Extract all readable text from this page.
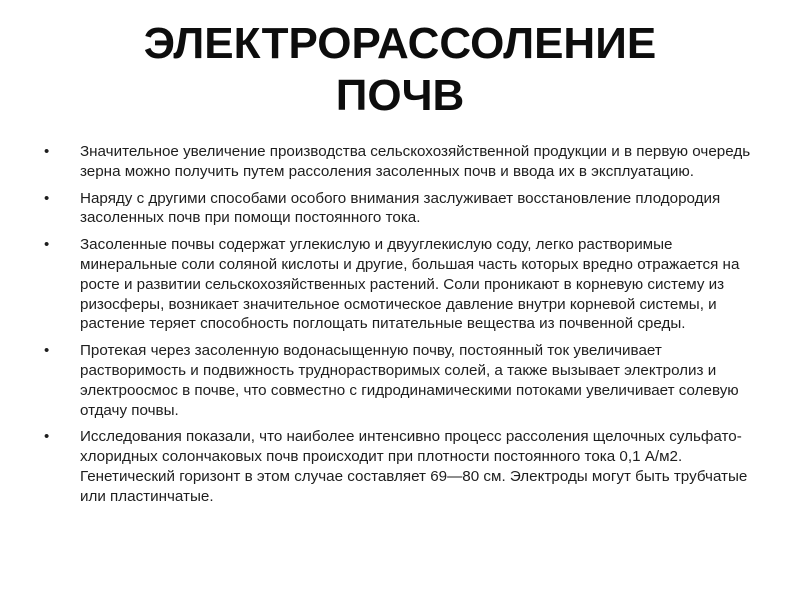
ЭЛЕКТРОРАССОЛЕНИЕ
ПОЧВ
•	Значительное увеличение производства сельскохозяйственной продукции и в первую очередь зерна можно получить путем рассоления засоленных почв и ввода их в эксплуатацию.
•	Наряду с другими способами особого внимания заслуживает восстановление плодородия засоленных почв при помощи постоянного тока.
•	Засоленные почвы содержат углекислую и двууглекислую соду, легко растворимые минеральные соли соляной кислоты и другие, большая часть которых вредно отражается на росте и развитии сельскохозяйственных растений. Соли проникают в корневую систему из ризосферы, возникает значительное осмотическое давление внутри корневой системы, и растение теряет способность поглощать питательные вещества из почвенной среды.
•	Протекая через засоленную водонасыщенную почву, постоянный ток увеличивает растворимость и подвижность труднорастворимых солей, а также вызывает электролиз и электроосмос в почве, что совместно с гидродинамическими потоками увеличивает солевую отдачу почвы.
•	Исследования показали, что наиболее интенсивно процесс рассоления щелочных сульфато-хлоридных солончаковых почв происходит при плотности постоянного тока 0,1 А/м2. Генетический горизонт в этом случае составляет 69—80 см. Электроды могут быть трубчатые или пластинчатые.
